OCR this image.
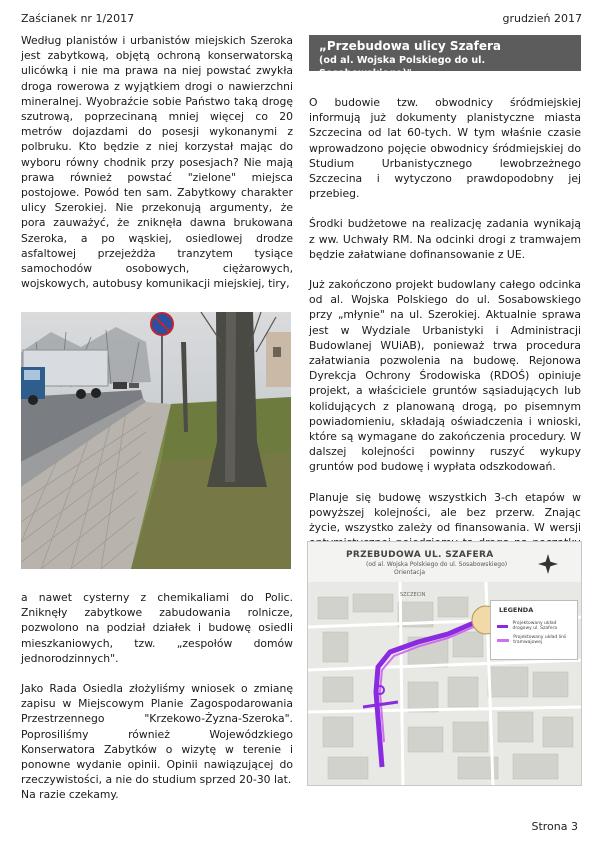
Zaścianek nr 1/2017	grudzień 2017

Według planistów i urbanistów miejskich Szeroka jest zabytkową, objętą ochroną konserwatorską ulicówką i nie ma prawa na niej powstać zwykła droga rowerowa z wyjątkiem drogi o nawierzchni mineralnej. Wyobraźcie sobie Państwo taką drogę szutrową, poprzecinaną mniej więcej co 20 metrów dojazdami do posesji wykonanymi z polbruku. Kto będzie z niej korzystał mając do wyboru równy chodnik przy posesjach? Nie mają prawa również powstać "zielone" miejsca postojowe. Powód ten sam. Zabytkowy charakter ulicy Szerokiej. Nie przekonują argumenty, że pora zauważyć, że zniknęła dawna brukowana Szeroka, a po wąskiej, osiedlowej drodze asfaltowej przejeżdża tranzytem tysiące samochodów osobowych, ciężarowych, wojskowych, autobusy komunikacji miejskiej, tiry,

a nawet cysterny z chemikaliami do Polic. Zniknęły zabytkowe zabudowania rolnicze, pozwolono na podział działek i budowę osiedli mieszkaniowych, tzw. „zespołów domów jednorodzinnych".

Jako Rada Osiedla złożyliśmy wniosek o zmianę zapisu w Miejscowym Planie Zagospodarowania Przestrzennego "Krzekowo-Żyzna-Szeroka". Poprosiliśmy również Wojewódzkiego Konserwatora Zabytków o wizytę w terenie i ponowne wydanie opinii. Opinii nawiązującej do rzeczywistości, a nie do studium sprzed 20-30 lat.

Na razie czekamy.

„Przebudowa ulicy Szafera
(od al. Wojska Polskiego do ul. Sosabowskiego)"

O budowie tzw. obwodnicy śródmiejskiej informują już dokumenty planistyczne miasta Szczecina od lat 60-tych. W tym właśnie czasie wprowadzono pojęcie obwodnicy śródmiejskiej do Studium Urbanistycznego lewobrzeżnego Szczecina i wytyczono prawdopodobny jej przebieg.

Środki budżetowe na realizację zadania wynikają z ww. Uchwały RM. Na odcinki drogi z tramwajem będzie załatwiane dofinansowanie z UE.

Już zakończono projekt budowlany całego odcinka od al. Wojska Polskiego do ul. Sosabowskiego przy „młynie" na ul. Szerokiej. Aktualnie sprawa jest w Wydziale Urbanistyki i Administracji Budowlanej WUiAB), ponieważ trwa procedura załatwiania pozwolenia na budowę. Rejonowa Dyrekcja Ochrony Środowiska (RDOŚ) opiniuje projekt, a właściciele gruntów sąsiadujących lub kolidujących z planowaną drogą, po pisemnym powiadomieniu, składają oświadczenia i wnioski, które są wymagane do zakończenia procedury. W dalszej kolejności powinny ruszyć wykupy gruntów pod budowę i wypłata odszkodowań.

Planuje się budowę wszystkich 3-ch etapów w powyższej kolejności, ale bez przerw. Znając życie, wszystko zależy od finansowania. W wersji

PRZEBUDOWA UL. SZAFERA
(od al. Wojska Polskiego do ul. Sosabowskiego)
Orientacja
SZCZECIN
LEGENDA
Projektowany układ drogowy ul. Szafera
Projektowany układ linii tramwajowej
Strona 3
